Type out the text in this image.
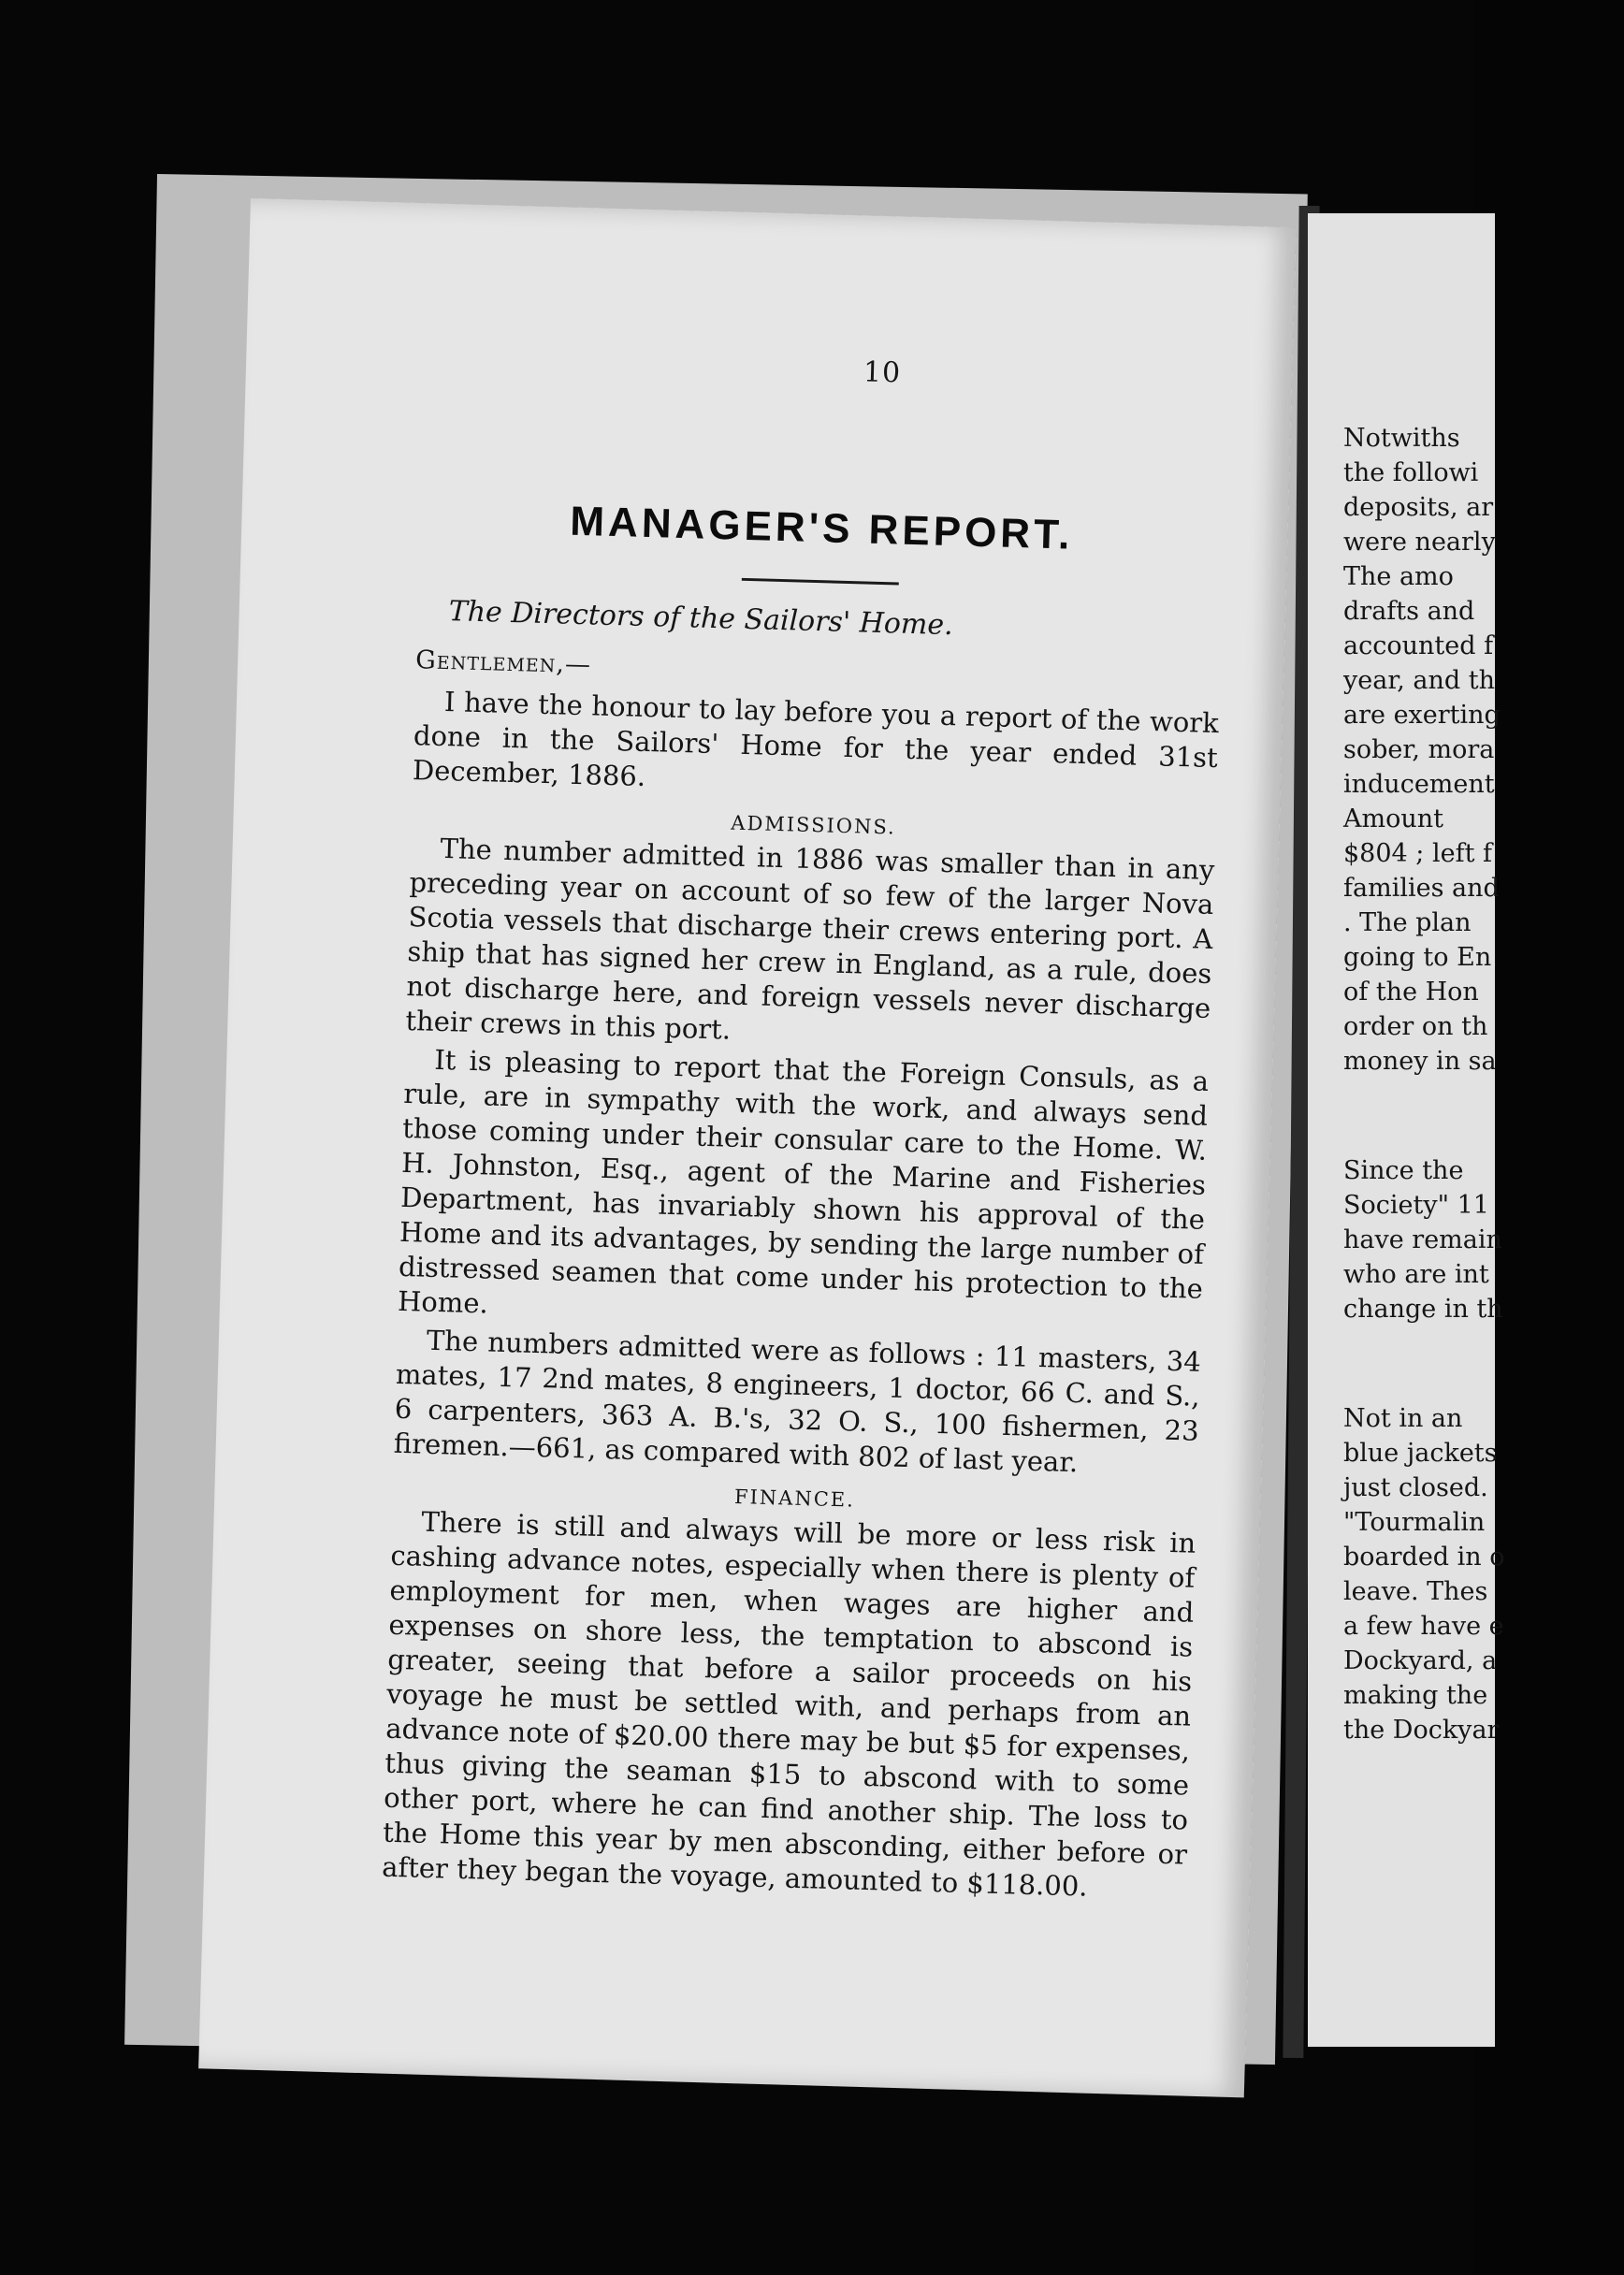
10
MANAGER'S REPORT.
The Directors of the Sailors' Home.
Gentlemen,—

I have the honour to lay before you a report of the work done in the Sailors' Home for the year ended 31st December, 1886.

ADMISSIONS.

The number admitted in 1886 was smaller than in any preceding year on account of so few of the larger Nova Scotia vessels that discharge their crews entering port. A ship that has signed her crew in England, as a rule, does not discharge here, and foreign vessels never discharge their crews in this port.

It is pleasing to report that the Foreign Consuls, as a rule, are in sympathy with the work, and always send those coming under their consular care to the Home. W. H. Johnston, Esq., agent of the Marine and Fisheries Department, has invariably shown his approval of the Home and its advantages, by sending the large number of distressed seamen that come under his protection to the Home.

The numbers admitted were as follows : 11 masters, 34 mates, 17 2nd mates, 8 engineers, 1 doctor, 66 C. and S., 6 carpenters, 363 A. B.'s, 32 O. S., 100 fishermen, 23 firemen.—661, as compared with 802 of last year.

FINANCE.

There is still and always will be more or less risk in cashing advance notes, especially when there is plenty of employment for men, when wages are higher and expenses on shore less, the temptation to abscond is greater, seeing that before a sailor proceeds on his voyage he must be settled with, and perhaps from an advance note of $20.00 there may be but $5 for expenses, thus giving the seaman $15 to abscond with to some other port, where he can find another ship. The loss to the Home this year by men absconding, either before or after they began the voyage, amounted to $118.00.

Notwiths
the followi
deposits, ar
were nearly
The amo
drafts and
accounted f
year, and th
are exerting
sober, mora
inducement
Amount
$804 ; left f
families and
. The plan
going to En
of the Hon
order on th
money in sa
Since the
Society" 11
have remain
who are int
change in th
Not in an
blue jackets
just closed.
"Tourmalin
boarded in o
leave. Thes
a few have e
Dockyard, a
making the
the Dockyar
